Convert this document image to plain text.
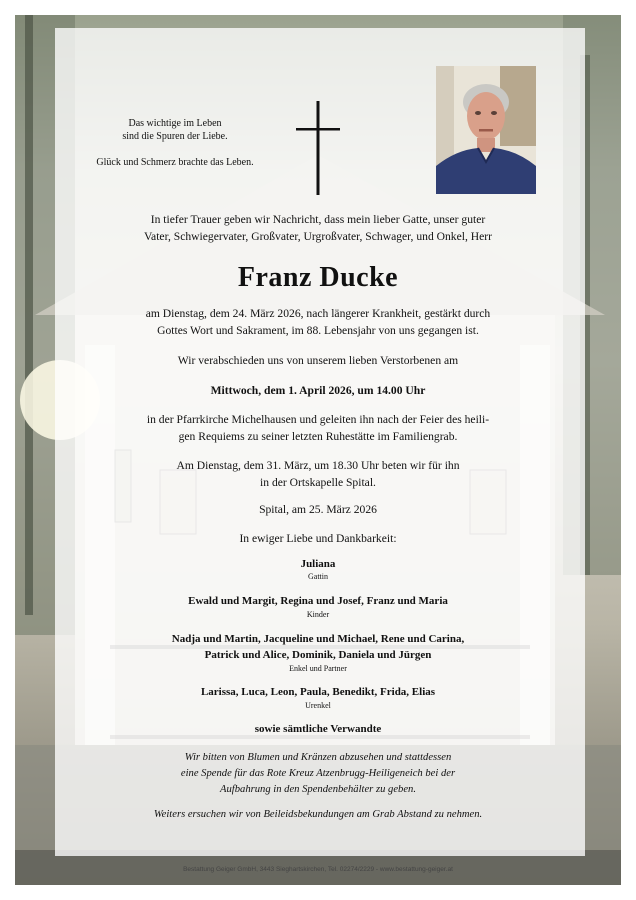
Das wichtige im Leben
sind die Spuren der Liebe.
Glück und Schmerz brachte das Leben.
In tiefer Trauer geben wir Nachricht, dass mein lieber Gatte, unser guter
Vater, Schwiegervater, Großvater, Urgroßvater, Schwager, und Onkel, Herr
Franz Ducke
am Dienstag, dem 24. März 2026, nach längerer Krankheit, gestärkt durch
Gottes Wort und Sakrament, im 88. Lebensjahr von uns gegangen ist.
Wir verabschieden uns von unserem lieben Verstorbenen am
Mittwoch, dem 1. April 2026, um 14.00 Uhr
in der Pfarrkirche Michelhausen und geleiten ihn nach der Feier des heili-
gen Requiems zu seiner letzten Ruhestätte im Familiengrab.
Am Dienstag, dem 31. März, um 18.30 Uhr beten wir für ihn
in der Ortskapelle Spital.
Spital, am 25. März 2026
In ewiger Liebe und Dankbarkeit:
Juliana
Gattin
Ewald und Margit, Regina und Josef, Franz und Maria
Kinder
Nadja und Martin, Jacqueline und Michael, Rene und Carina,
Patrick und Alice, Dominik, Daniela und Jürgen
Enkel und Partner
Larissa, Luca, Leon, Paula, Benedikt, Frida, Elias
Urenkel
sowie sämtliche Verwandte
Wir bitten von Blumen und Kränzen abzusehen und stattdessen
eine Spende für das Rote Kreuz Atzenbrugg-Heiligeneich bei der
Aufbahrung in den Spendenbehälter zu geben.
Weiters ersuchen wir von Beileidsbekundungen am Grab Abstand zu nehmen.
Bestattung Geiger GmbH, 3443 Sieghartskirchen, Tel. 02274/2229 - www.bestattung-geiger.at
